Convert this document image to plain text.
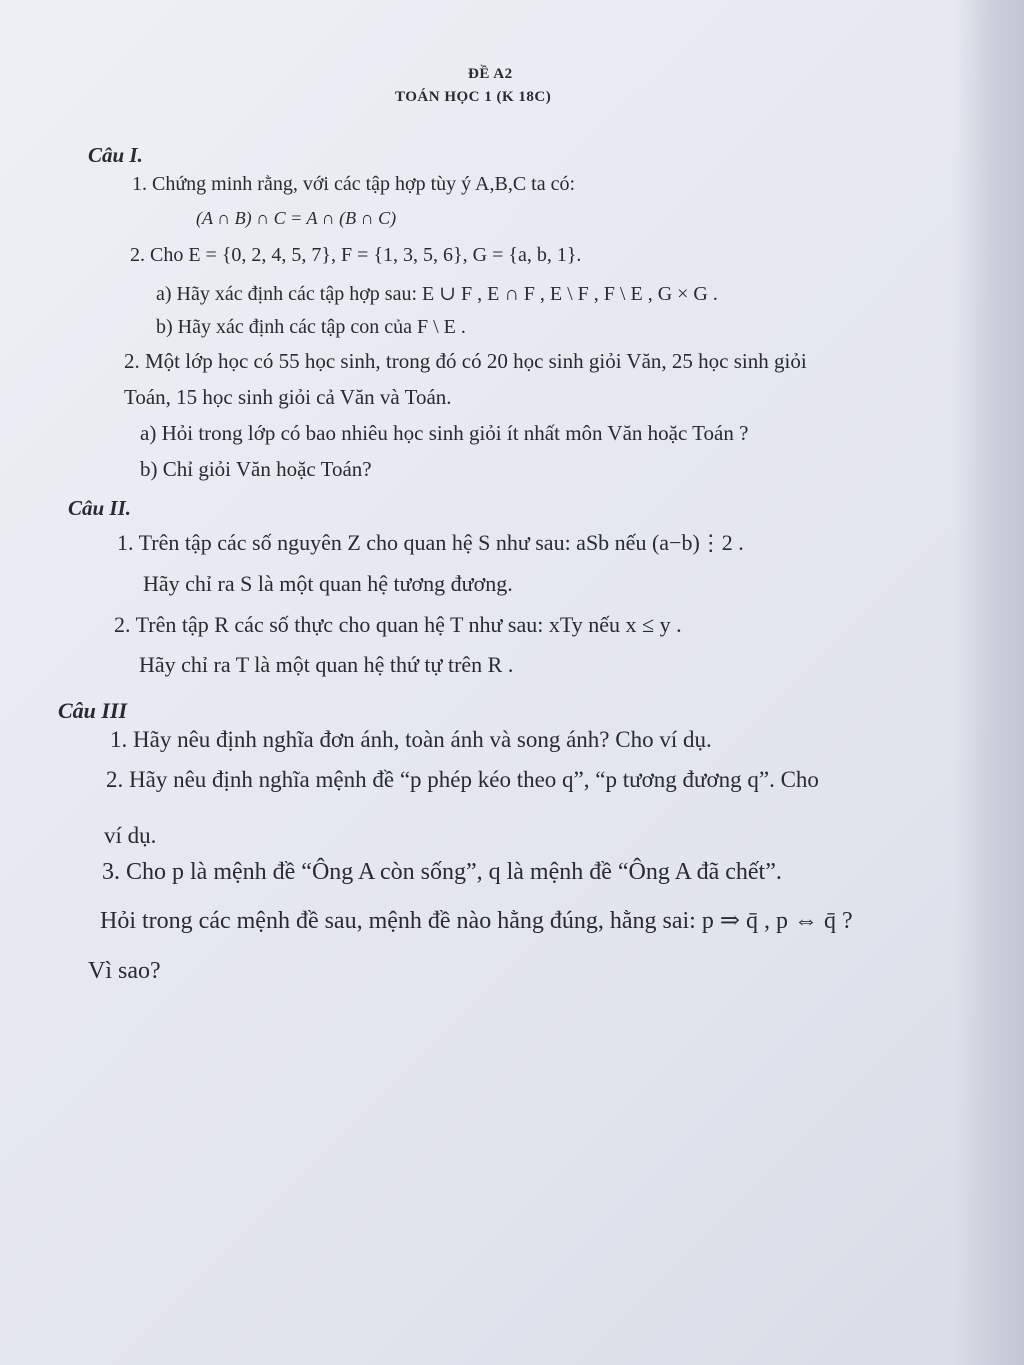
ĐỀ A2
TOÁN HỌC 1 (K 18C)
Câu I.
1. Chứng minh rằng, với các tập hợp tùy ý A,B,C ta có:
(A ∩ B) ∩ C = A ∩ (B ∩ C)
2. Cho E = {0, 2, 4, 5, 7}, F = {1, 3, 5, 6}, G = {a, b, 1}.
a) Hãy xác định các tập hợp sau: E ∪ F , E ∩ F , E \ F , F \ E , G × G .
b) Hãy xác định các tập con của F \ E .
2. Một lớp học có 55 học sinh, trong đó có 20 học sinh giỏi Văn, 25 học sinh giỏi
Toán, 15 học sinh giỏi cả Văn và Toán.
a) Hỏi trong lớp có bao nhiêu học sinh giỏi ít nhất môn Văn hoặc Toán ?
b) Chỉ giỏi Văn hoặc Toán?
Câu II.
1. Trên tập các số nguyên Z cho quan hệ S như sau: aSb nếu (a−b)⋮2 .
Hãy chỉ ra S là một quan hệ tương đương.
2. Trên tập R các số thực cho quan hệ T như sau: xTy nếu x ≤ y .
Hãy chỉ ra T là một quan hệ thứ tự trên R .
Câu III
1. Hãy nêu định nghĩa đơn ánh, toàn ánh và song ánh? Cho ví dụ.
2. Hãy nêu định nghĩa mệnh đề “p phép kéo theo q”, “p tương đương q”. Cho
ví dụ.
3. Cho p là mệnh đề “Ông A còn sống”, q là mệnh đề “Ông A đã chết”.
Hỏi trong các mệnh đề sau, mệnh đề nào hằng đúng, hằng sai: p ⇒ q̄ , p ⇔ q̄ ?
Vì sao?
